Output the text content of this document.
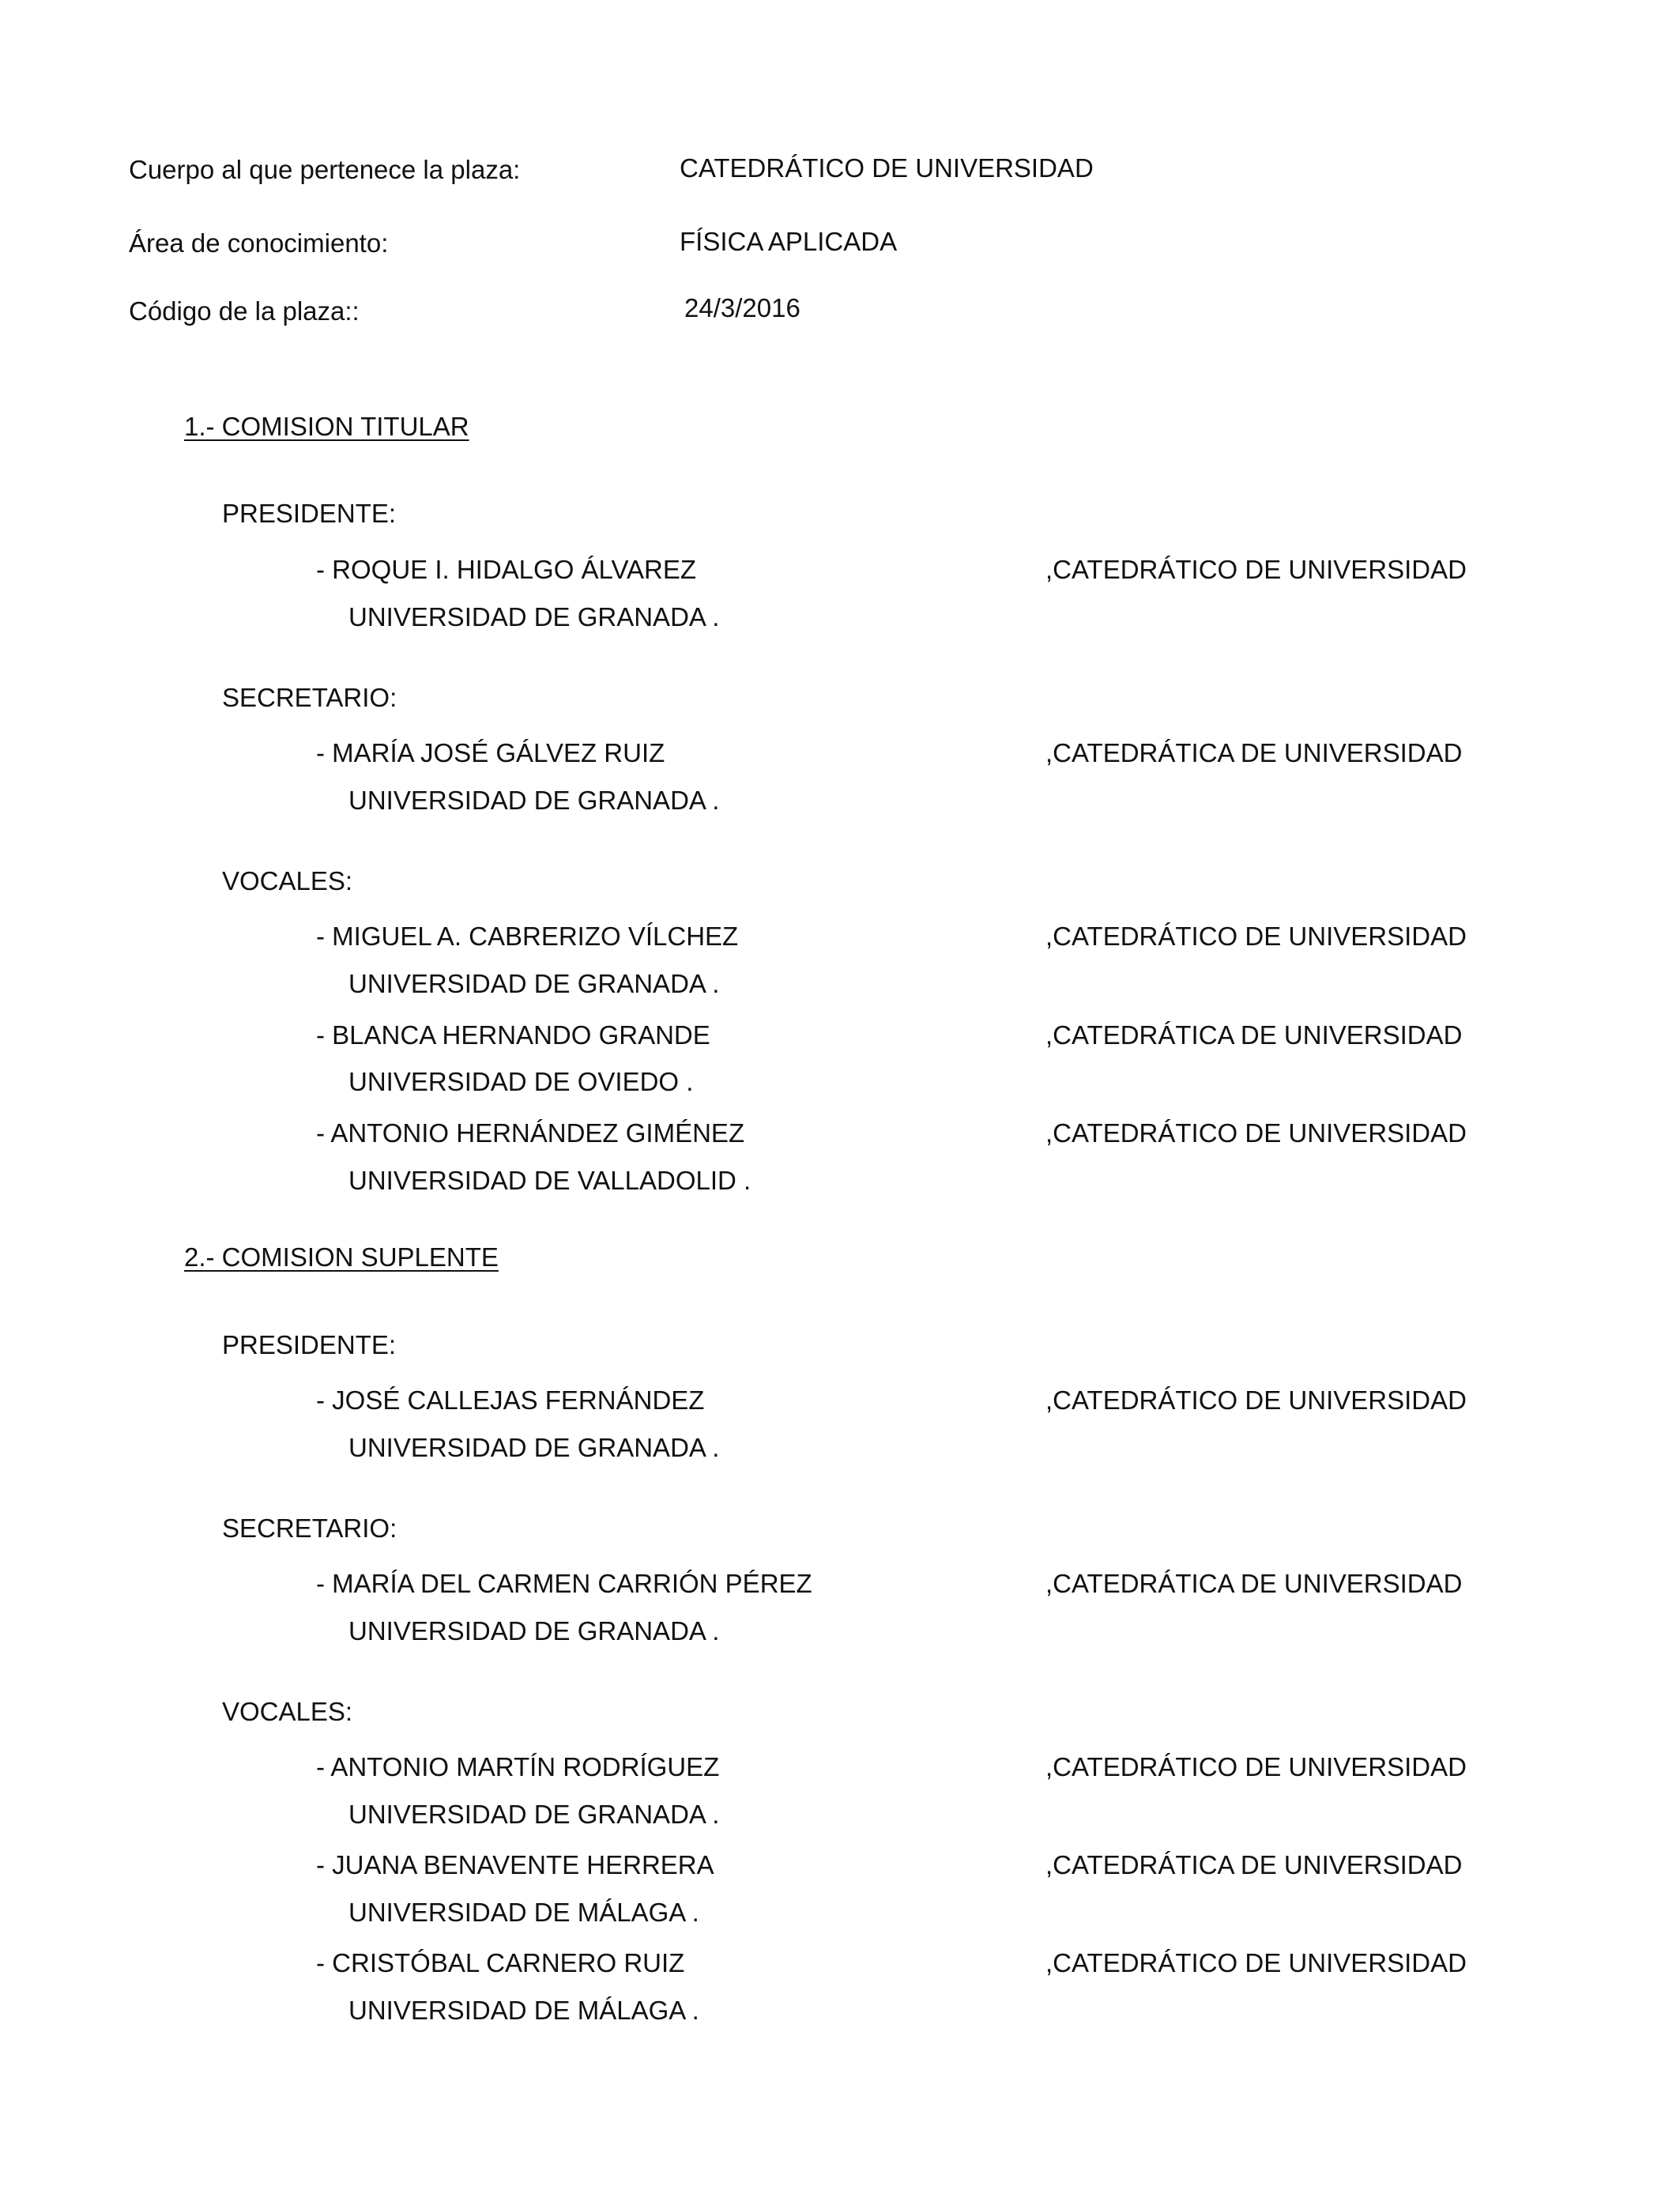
Cuerpo al que pertenece la plaza:	CATEDRÁTICO DE UNIVERSIDAD
Área de conocimiento:	FÍSICA APLICADA
Código de la plaza::	24/3/2016
1.- COMISION TITULAR
PRESIDENTE:
- ROQUE I. HIDALGO ÁLVAREZ	,CATEDRÁTICO DE UNIVERSIDAD
UNIVERSIDAD DE GRANADA .
SECRETARIO:
- MARÍA JOSÉ GÁLVEZ RUIZ	,CATEDRÁTICA DE UNIVERSIDAD
UNIVERSIDAD DE GRANADA .
VOCALES:
- MIGUEL A. CABRERIZO VÍLCHEZ	,CATEDRÁTICO DE UNIVERSIDAD
UNIVERSIDAD DE GRANADA .
- BLANCA HERNANDO GRANDE	,CATEDRÁTICA DE UNIVERSIDAD
UNIVERSIDAD DE OVIEDO .
- ANTONIO HERNÁNDEZ GIMÉNEZ	,CATEDRÁTICO DE UNIVERSIDAD
UNIVERSIDAD DE VALLADOLID .
2.- COMISION SUPLENTE
PRESIDENTE:
- JOSÉ CALLEJAS FERNÁNDEZ	,CATEDRÁTICO DE UNIVERSIDAD
UNIVERSIDAD DE GRANADA .
SECRETARIO:
- MARÍA DEL CARMEN CARRIÓN PÉREZ	,CATEDRÁTICA DE UNIVERSIDAD
UNIVERSIDAD DE GRANADA .
VOCALES:
- ANTONIO MARTÍN RODRÍGUEZ	,CATEDRÁTICO DE UNIVERSIDAD
UNIVERSIDAD DE GRANADA .
- JUANA BENAVENTE HERRERA	,CATEDRÁTICA DE UNIVERSIDAD
UNIVERSIDAD DE MÁLAGA .
- CRISTÓBAL CARNERO RUIZ	,CATEDRÁTICO DE UNIVERSIDAD
UNIVERSIDAD DE MÁLAGA .
